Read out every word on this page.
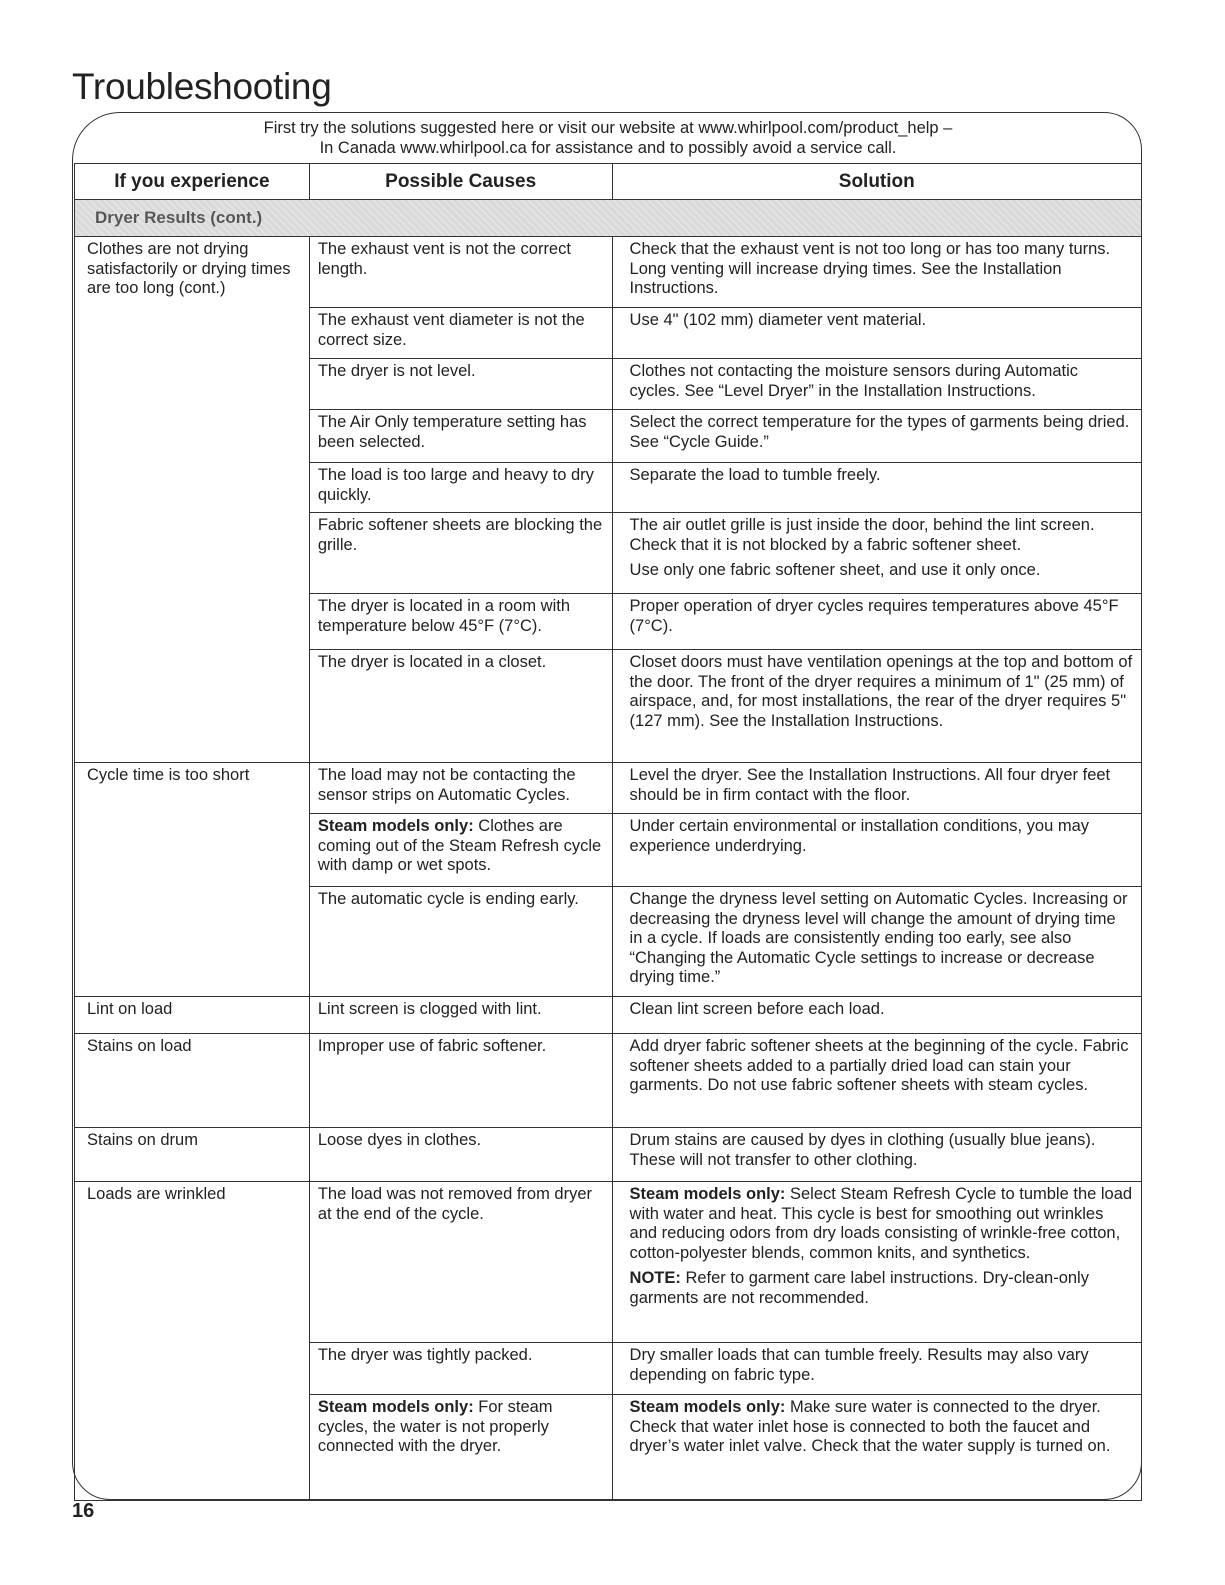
Troubleshooting
First try the solutions suggested here or visit our website at www.whirlpool.com/product_help –
In Canada www.whirlpool.ca for assistance and to possibly avoid a service call.
If you experience	Possible Causes	Solution
Dryer Results (cont.)		
Clothes are not drying satisfactorily or drying times are too long (cont.)	The exhaust vent is not the correct length.	Check that the exhaust vent is not too long or has too many turns. Long venting will increase drying times. See the Installation Instructions.
	The exhaust vent diameter is not the correct size.	Use 4" (102 mm) diameter vent material.
	The dryer is not level.	Clothes not contacting the moisture sensors during Automatic cycles. See “Level Dryer” in the Installation Instructions.
	The Air Only temperature setting has been selected.	Select the correct temperature for the types of garments being dried. See “Cycle Guide.”
	The load is too large and heavy to dry quickly.	Separate the load to tumble freely.
	Fabric softener sheets are blocking the grille.	The air outlet grille is just inside the door, behind the lint screen. Check that it is not blocked by a fabric softener sheet.
Use only one fabric softener sheet, and use it only once.

	The dryer is located in a room with temperature below 45°F (7°C).	Proper operation of dryer cycles requires temperatures above 45°F (7°C).
	The dryer is located in a closet.	Closet doors must have ventilation openings at the top and bottom of the door. The front of the dryer requires a minimum of 1" (25 mm) of airspace, and, for most installations, the rear of the dryer requires 5" (127 mm). See the Installation Instructions.
Cycle time is too short	The load may not be contacting the sensor strips on Automatic Cycles.	Level the dryer. See the Installation Instructions. All four dryer feet should be in firm contact with the floor.
	Steam models only: Clothes are coming out of the Steam Refresh cycle with damp or wet spots.	Under certain environmental or installation conditions, you may experience underdrying.
	The automatic cycle is ending early.	Change the dryness level setting on Automatic Cycles. Increasing or decreasing the dryness level will change the amount of drying time in a cycle. If loads are consistently ending too early, see also “Changing the Automatic Cycle settings to increase or decrease drying time.”
Lint on load	Lint screen is clogged with lint.	Clean lint screen before each load.
Stains on load	Improper use of fabric softener.	Add dryer fabric softener sheets at the beginning of the cycle. Fabric softener sheets added to a partially dried load can stain your garments. Do not use fabric softener sheets with steam cycles.
Stains on drum	Loose dyes in clothes.	Drum stains are caused by dyes in clothing (usually blue jeans). These will not transfer to other clothing.
Loads are wrinkled	The load was not removed from dryer at the end of the cycle.	Steam models only: Select Steam Refresh Cycle to tumble the load with water and heat. This cycle is best for smoothing out wrinkles and reducing odors from dry loads consisting of wrinkle-free cotton, cotton-polyester blends, common knits, and synthetics.
NOTE: Refer to garment care label instructions. Dry-clean-only garments are not recommended.

	The dryer was tightly packed.	Dry smaller loads that can tumble freely. Results may also vary depending on fabric type.
	Steam models only: For steam cycles, the water is not properly connected with the dryer.	Steam models only: Make sure water is connected to the dryer. Check that water inlet hose is connected to both the faucet and dryer’s water inlet valve. Check that the water supply is turned on.
16
